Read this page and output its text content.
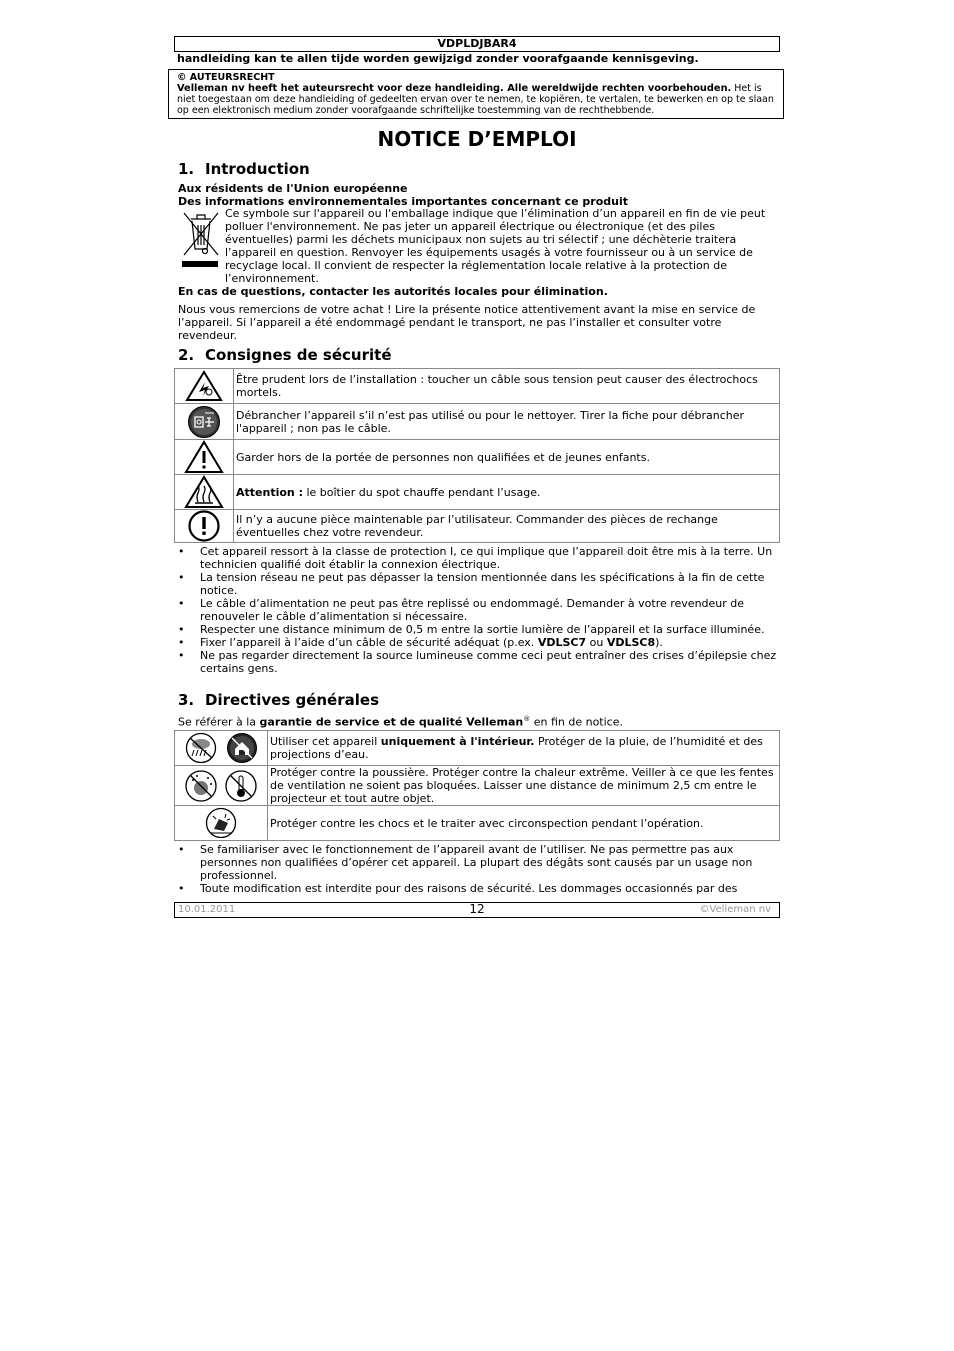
VDPLDJBAR4
handleiding kan te allen tijde worden gewijzigd zonder voorafgaande kennisgeving.
© AUTEURSRECHT
Velleman nv heeft het auteursrecht voor deze handleiding. Alle wereldwijde rechten voorbehouden. Het is niet toegestaan om deze handleiding of gedeelten ervan over te nemen, te kopiëren, te vertalen, te bewerken en op te slaan op een elektronisch medium zonder voorafgaande schriftelijke toestemming van de rechthebbende.
NOTICE D’EMPLOI
1. Introduction
Aux résidents de l'Union européenne
Des informations environnementales importantes concernant ce produit
Ce symbole sur l'appareil ou l'emballage indique que l’élimination d’un appareil en fin de vie peut polluer l'environnement. Ne pas jeter un appareil électrique ou électronique (et des piles éventuelles) parmi les déchets municipaux non sujets au tri sélectif ; une déchèterie traitera l’appareil en question. Renvoyer les équipements usagés à votre fournisseur ou à un service de recyclage local. Il convient de respecter la réglementation locale relative à la protection de l’environnement.
En cas de questions, contacter les autorités locales pour élimination.
Nous vous remercions de votre achat ! Lire la présente notice attentivement avant la mise en service de l’appareil. Si l’appareil a été endommagé pendant le transport, ne pas l’installer et consulter votre revendeur.
2. Consignes de sécurité
	Être prudent lors de l’installation : toucher un câble sous tension peut causer des électrochocs mortels.

	Débrancher l’appareil s’il n’est pas utilisé ou pour le nettoyer. Tirer la fiche pour débrancher l'appareil ; non pas le câble.

	Garder hors de la portée de personnes non qualifiées et de jeunes enfants.

	Attention : le boîtier du spot chauffe pendant l’usage.

	Il n’y a aucune pièce maintenable par l’utilisateur. Commander des pièces de rechange éventuelles chez votre revendeur.
• Cet appareil ressort à la classe de protection I, ce qui implique que l’appareil doit être mis à la terre. Un technicien qualifié doit établir la connexion électrique.
• La tension réseau ne peut pas dépasser la tension mentionnée dans les spécifications à la fin de cette notice.
• Le câble d’alimentation ne peut pas être replissé ou endommagé. Demander à votre revendeur de renouveler le câble d’alimentation si nécessaire.
• Respecter une distance minimum de 0,5 m entre la sortie lumière de l’appareil et la surface illuminée.
• Fixer l’appareil à l’aide d’un câble de sécurité adéquat (p.ex. VDLSC7 ou VDLSC8).
• Ne pas regarder directement la source lumineuse comme ceci peut entraîner des crises d’épilepsie chez certains gens.
3. Directives générales
Se référer à la garantie de service et de qualité Velleman® en fin de notice.

	Utiliser cet appareil uniquement à l'intérieur. Protéger de la pluie, de l’humidité et des projections d’eau.

	Protéger contre la poussière. Protéger contre la chaleur extrême. Veiller à ce que les fentes de ventilation ne soient pas bloquées. Laisser une distance de minimum 2,5 cm entre le projecteur et tout autre objet.

	Protéger contre les chocs et le traiter avec circonspection pendant l’opération.
• Se familiariser avec le fonctionnement de l’appareil avant de l’utiliser. Ne pas permettre pas aux personnes non qualifiées d’opérer cet appareil. La plupart des dégâts sont causés par un usage non professionnel.
• Toute modification est interdite pour des raisons de sécurité. Les dommages occasionnés par des
10.01.2011	12	©Velleman nv
